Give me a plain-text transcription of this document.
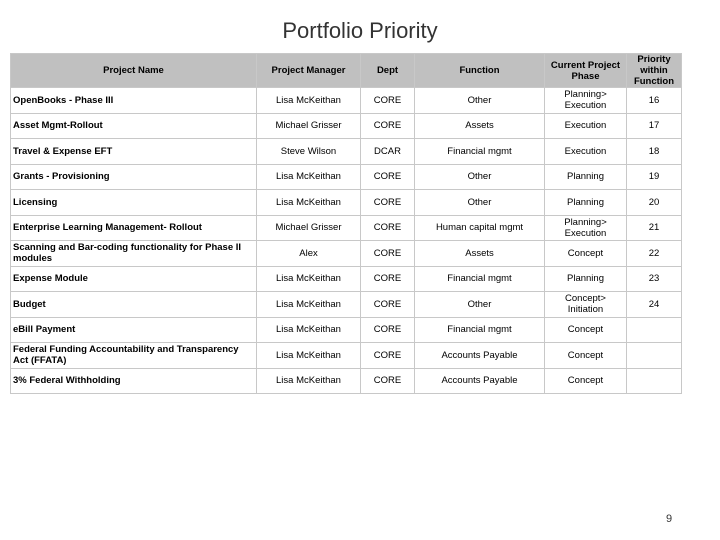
Portfolio Priority
Project Name	Project Manager	Dept	Function	Current Project Phase	Priority within Function
OpenBooks - Phase III	Lisa McKeithan	CORE	Other	Planning> Execution	16
Asset Mgmt-Rollout	Michael Grisser	CORE	Assets	Execution	17
Travel & Expense EFT	Steve Wilson	DCAR	Financial mgmt	Execution	18
Grants - Provisioning	Lisa McKeithan	CORE	Other	Planning	19
Licensing	Lisa McKeithan	CORE	Other	Planning	20
Enterprise Learning Management- Rollout	Michael Grisser	CORE	Human capital mgmt	Planning> Execution	21
Scanning and Bar-coding functionality for Phase II modules	Alex	CORE	Assets	Concept	22
Expense Module	Lisa McKeithan	CORE	Financial mgmt	Planning	23
Budget	Lisa McKeithan	CORE	Other	Concept> Initiation	24
eBill Payment	Lisa McKeithan	CORE	Financial mgmt	Concept	
Federal Funding Accountability and Transparency Act (FFATA)	Lisa McKeithan	CORE	Accounts Payable	Concept	
3% Federal Withholding	Lisa McKeithan	CORE	Accounts Payable	Concept	
9
